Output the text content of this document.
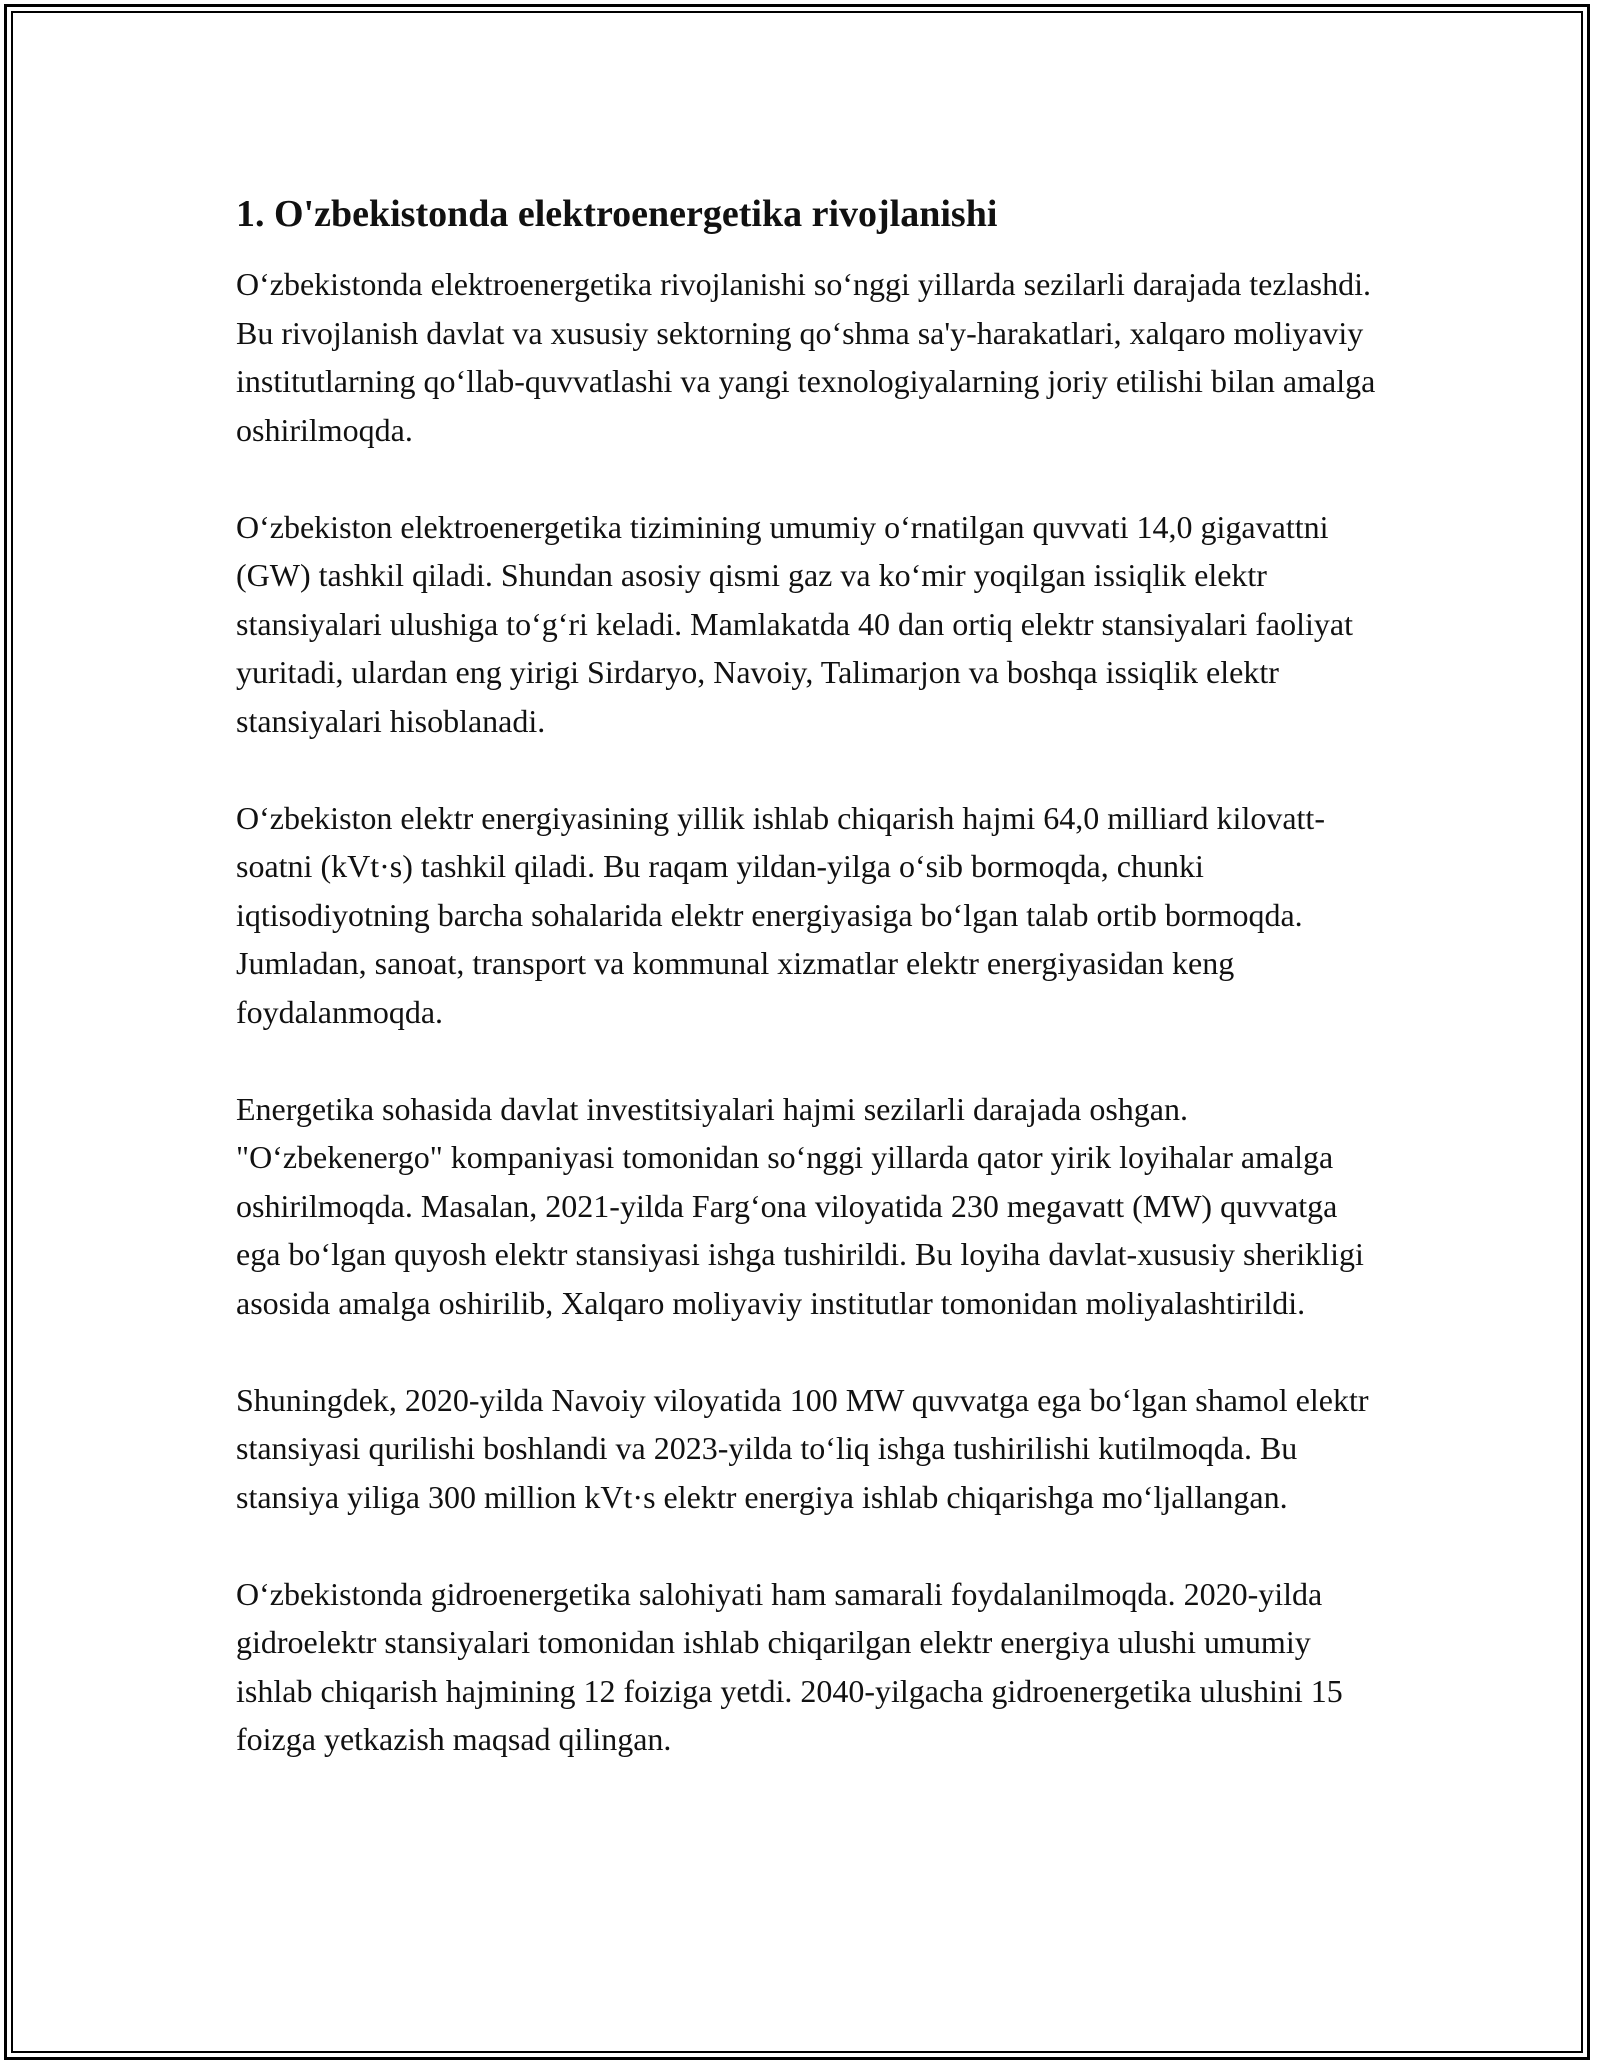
1. O'zbekistonda elektroenergetika rivojlanishi

O‘zbekistonda elektroenergetika rivojlanishi so‘nggi yillarda sezilarli darajada tezlashdi. Bu rivojlanish davlat va xususiy sektorning qo‘shma sa'y-harakatlari, xalqaro moliyaviy institutlarning qo‘llab-quvvatlashi va yangi texnologiyalarning joriy etilishi bilan amalga oshirilmoqda.

O‘zbekiston elektroenergetika tizimining umumiy o‘rnatilgan quvvati 14,0 gigavattni (GW) tashkil qiladi. Shundan asosiy qismi gaz va ko‘mir yoqilgan issiqlik elektr stansiyalari ulushiga to‘g‘ri keladi. Mamlakatda 40 dan ortiq elektr stansiyalari faoliyat yuritadi, ulardan eng yirigi Sirdaryo, Navoiy, Talimarjon va boshqa issiqlik elektr stansiyalari hisoblanadi.

O‘zbekiston elektr energiyasining yillik ishlab chiqarish hajmi 64,0 milliard kilovatt-soatni (kVt·s) tashkil qiladi. Bu raqam yildan-yilga o‘sib bormoqda, chunki iqtisodiyotning barcha sohalarida elektr energiyasiga bo‘lgan talab ortib bormoqda. Jumladan, sanoat, transport va kommunal xizmatlar elektr energiyasidan keng foydalanmoqda.

Energetika sohasida davlat investitsiyalari hajmi sezilarli darajada oshgan. "O‘zbekenergo" kompaniyasi tomonidan so‘nggi yillarda qator yirik loyihalar amalga oshirilmoqda. Masalan, 2021-yilda Farg‘ona viloyatida 230 megavatt (MW) quvvatga ega bo‘lgan quyosh elektr stansiyasi ishga tushirildi. Bu loyiha davlat-xususiy sherikligi asosida amalga oshirilib, Xalqaro moliyaviy institutlar tomonidan moliyalashtirildi.

Shuningdek, 2020-yilda Navoiy viloyatida 100 MW quvvatga ega bo‘lgan shamol elektr stansiyasi qurilishi boshlandi va 2023-yilda to‘liq ishga tushirilishi kutilmoqda. Bu stansiya yiliga 300 million kVt·s elektr energiya ishlab chiqarishga mo‘ljallangan.

O‘zbekistonda gidroenergetika salohiyati ham samarali foydalanilmoqda. 2020-yilda gidroelektr stansiyalari tomonidan ishlab chiqarilgan elektr energiya ulushi umumiy ishlab chiqarish hajmining 12 foiziga yetdi. 2040-yilgacha gidroenergetika ulushini 15 foizga yetkazish maqsad qilingan.
